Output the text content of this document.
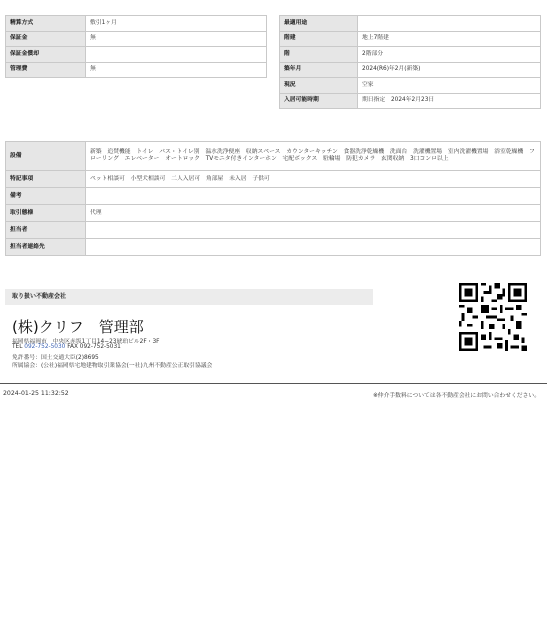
精算方式	敷引1ヶ月
保証金	無
保証金償却	
管理費	無
最適用途	
階建	地上7階建
階	2階部分
築年月	2024(R6)年2月(新築)
現況	空家
入居可能時期	期日指定　2024年2月23日
設備	新築　追焚機能　トイレ　バス・トイレ別　温水洗浄便座　収納スペース　カウンターキッチン　食器洗浄乾燥機　洗面台　洗濯機置場　室内洗濯機置場　浴室乾燥機　フローリング　エレベーター　オートロック　TVモニタ付きインターホン　宅配ボックス　駐輪場　防犯カメラ　玄関収納　3口コンロ以上
特記事項	ペット相談可　小型犬相談可　二人入居可　角部屋　未入居　子供可
備考	
取引態様	代理
担当者	
担当者連絡先	
取り扱い不動産会社
(株)クリフ　管理部
福岡県福岡市　中央区赤坂1丁目14−23琥珀ビル2F・3F
TEL 092-752-5030 FAX 092-752-5031
免許番号：国土交通大臣(2)8695
所属協会：(公社)福岡県宅地建物取引業協会(一社)九州不動産公正取引協議会
2024-01-25 11:32:52	※仲介手数料については各不動産会社にお問い合わせください。
